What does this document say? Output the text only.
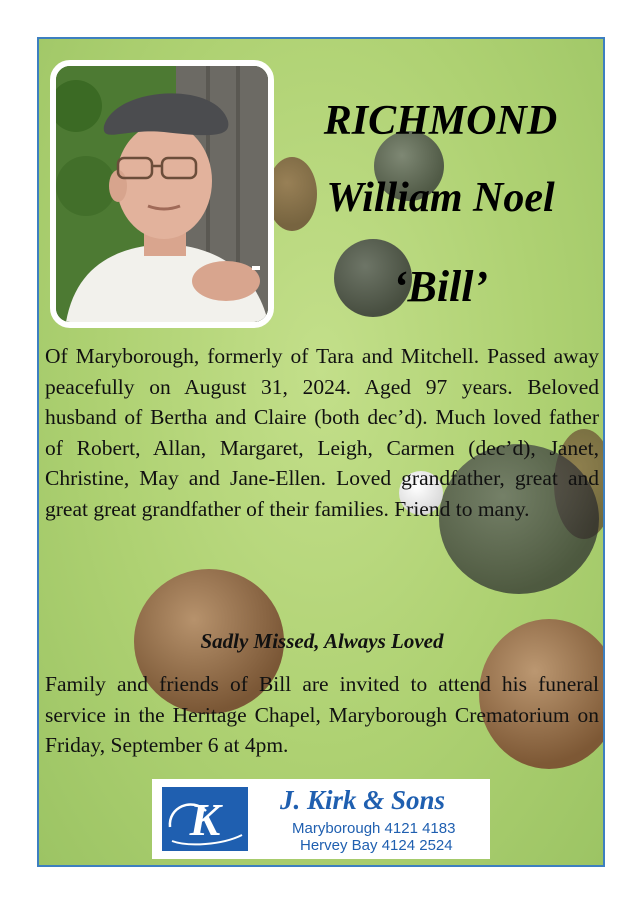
RICHMOND

William Noel

‘Bill’

Of Maryborough, formerly of Tara and Mitchell. Passed away peacefully on August 31, 2024. Aged 97 years. Beloved husband of Bertha and Claire (both dec’d). Much loved father of Robert, Allan, Margaret, Leigh, Carmen (dec’d), Janet, Christine, May and Jane-Ellen. Loved grandfather, great and great great grandfather of their families. Friend to many.

Sadly Missed, Always Loved

Family and friends of Bill are invited to attend his funeral service in the Heritage Chapel, Maryborough Crematorium on Friday, September 6 at 4pm.

K J. Kirk & Sons

Maryborough 4121 4183

Hervey Bay 4124 2524
